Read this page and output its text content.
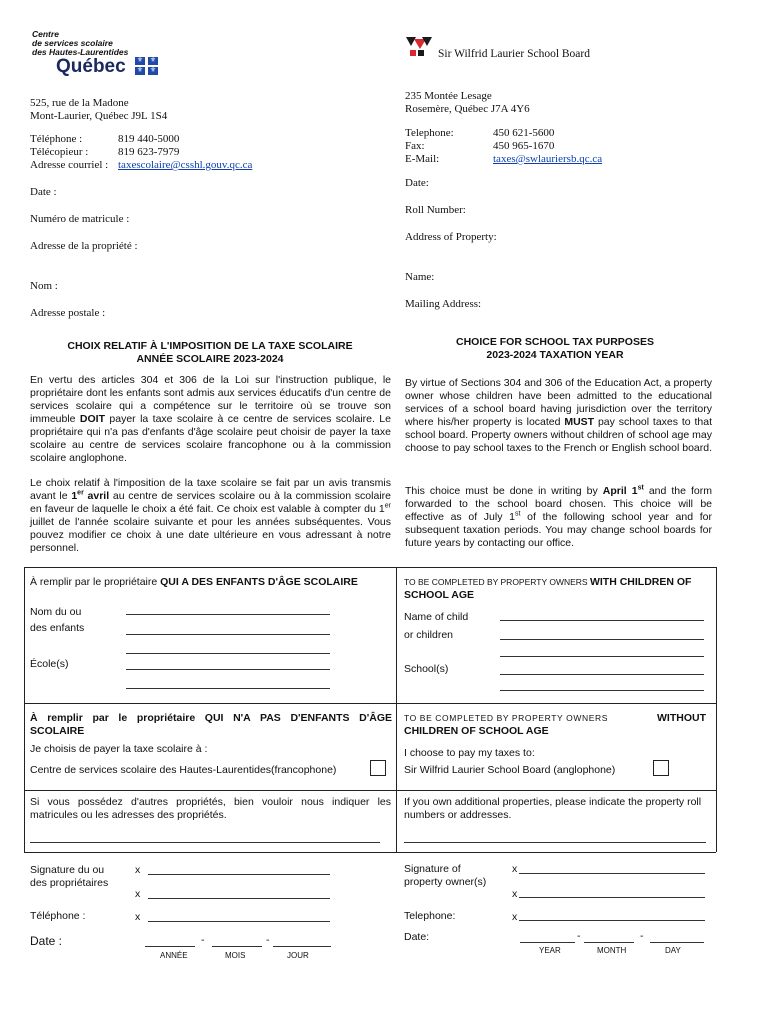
Centre
de services scolaire
des Hautes-Laurentides
Québec ⚜ ⚜
⚜ ⚜
Sir Wilfrid Laurier School Board
525, rue de la Madone
Mont-Laurier, Québec J9L 1S4
Téléphone :	819 440-5000
Télécopieur :	819 623-7979
Adresse courriel : taxescolaire@csshl.gouv.qc.ca
235 Montée Lesage
Rosemère, Québec J7A 4Y6
Telephone:	450 621-5600
Fax:	450 965-1670
E-Mail:	taxes@swlauriersb.qc.ca
Date :
Numéro de matricule :
Adresse de la propriété :
Nom :
Adresse postale :
Date:
Roll Number:
Address of Property:
Name:
Mailing Address:
CHOIX RELATIF À L'IMPOSITION DE LA TAXE SCOLAIRE
ANNÉE SCOLAIRE 2023-2024
CHOICE FOR SCHOOL TAX PURPOSES
2023-2024 TAXATION YEAR
En vertu des articles 304 et 306 de la Loi sur l'instruction publique, le propriétaire dont les enfants sont admis aux services éducatifs d'un centre de services scolaire qui a compétence sur le territoire où se trouve son immeuble DOIT payer la taxe scolaire à ce centre de services scolaire. Le propriétaire qui n'a pas d'enfants d'âge scolaire peut choisir de payer la taxe scolaire au centre de services scolaire francophone ou à la commission scolaire anglophone.
Le choix relatif à l'imposition de la taxe scolaire se fait par un avis transmis avant le 1er avril au centre de services scolaire ou à la commission scolaire en faveur de laquelle le choix a été fait. Ce choix est valable à compter du 1er juillet de l'année scolaire suivante et pour les années subséquentes. Vous pouvez modifier ce choix à une date ultérieure en vous adressant à notre personnel.
By virtue of Sections 304 and 306 of the Education Act, a property owner whose children have been admitted to the educational services of a school board having jurisdiction over the territory where his/her property is located MUST pay school taxes to that school board. Property owners without children of school age may choose to pay school taxes to the French or English school board.
This choice must be done in writing by April 1st and the form forwarded to the school board chosen. This choice will be effective as of July 1st of the following school year and for subsequent taxation periods. You may change school boards for future years by contacting our office.
À remplir par le propriétaire QUI A DES ENFANTS D'ÂGE SCOLAIRE
Nom du ou
des enfants
École(s)
TO BE COMPLETED BY PROPERTY OWNERS WITH CHILDREN OF SCHOOL AGE
Name of child
or children
School(s)
À remplir par le propriétaire QUI N'A PAS D'ENFANTS D'ÂGE
SCOLAIRE
Je choisis de payer la taxe scolaire à :
Centre de services scolaire des Hautes-Laurentides(francophone)
TO BE COMPLETED BY PROPERTY OWNERS	WITHOUT
CHILDREN OF SCHOOL AGE
I choose to pay my taxes to:
Sir Wilfrid Laurier School Board (anglophone)
Si vous possédez d'autres propriétés, bien vouloir nous indiquer les matricules ou les adresses des propriétés.
If you own additional properties, please indicate the property roll numbers or addresses.
Signature du ou
des propriétaires
x
x
Téléphone :	x
Date :	-	-
ANNÉE	MOIS	JOUR
Signature of
property owner(s)
x
x
Telephone:	x
Date:	-	-
YEAR	MONTH	DAY
